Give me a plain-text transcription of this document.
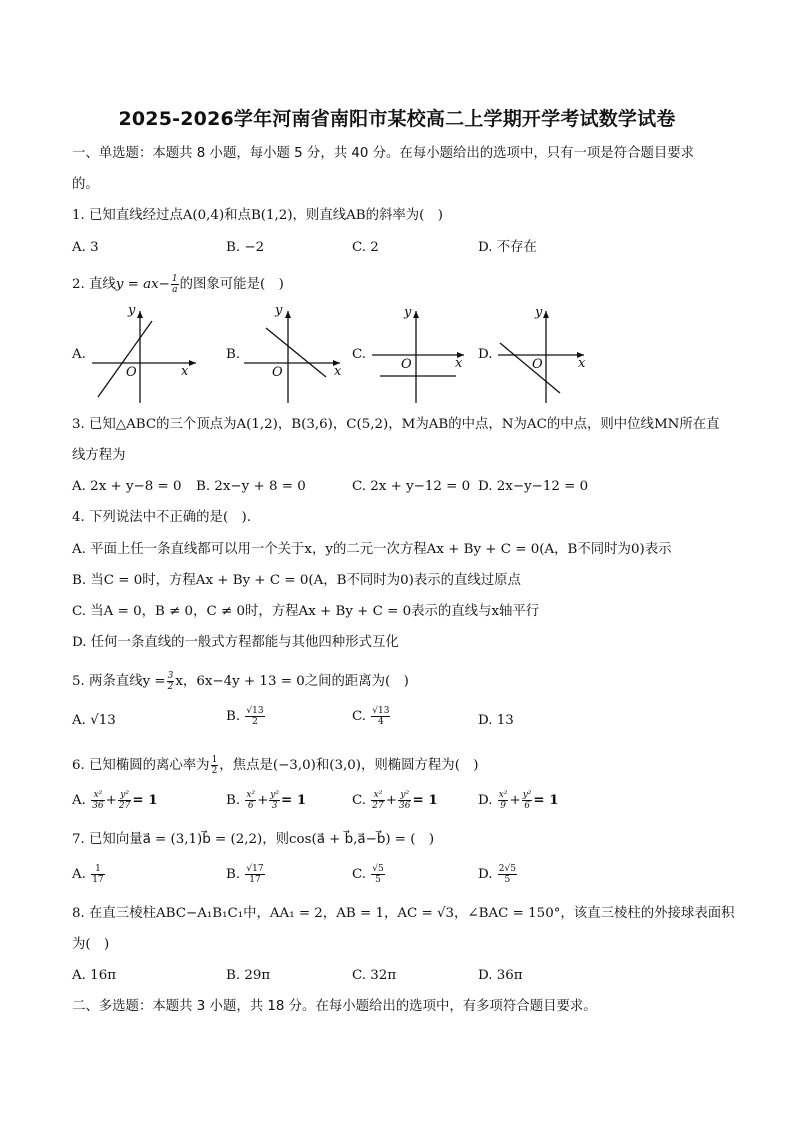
2025-2026学年河南省南阳市某校高二上学期开学考试数学试卷
一、单选题：本题共 8 小题，每小题 5 分，共 40 分。在每小题给出的选项中，只有一项是符合题目要求
的。
1. 已知直线经过点A(0,4)和点B(1,2)，则直线AB的斜率为(　)
A. 3	B. −2	C. 2	D. 不存在
2. 直线$y = ax- \frac{1}{a}$ 的图象可能是(　)
A.
y
x
O
B.
y
x
O
C.
y
x
O
D.
y
x
O
3. 已知△ABC的三个顶点为A(1,2)，B(3,6)，C(5,2)，M为AB的中点，N为AC的中点，则中位线MN所在直
线方程为
A. 2x + y−8 = 0 B. 2x−y + 8 = 0	C. 2x + y−12 = 0 D. 2x−y−12 = 0
4. 下列说法中不正确的是(　).
A. 平面上任一条直线都可以用一个关于x，y的二元一次方程Ax + By + C = 0(A，B不同时为0)表示
B. 当C = 0时，方程Ax + By + C = 0(A，B不同时为0)表示的直线过原点
C. 当A = 0，B ≠ 0，C ≠ 0时，方程Ax + By + C = 0表示的直线与x轴平行
D. 任何一条直线的一般式方程都能与其他四种形式互化
5. 两条直线$y = \frac{3}{2}$ x，6x−4y + 13 = 0之间的距离为(　)
A. √13	B. $\frac{√13}{2}$	C. $\frac{√13}{4}$	D. 13
6. 已知椭圆的离心率为 $\frac{1}{2}$ ，焦点是(−3,0)和(3,0)，则椭圆方程为(　)
A. $\frac{\text{x²}}{36} + \frac{\text{y²}}{27} = 1$	B. $\frac{\text{x²}}{6} + \frac{\text{y²}}{3} = 1$	C. $\frac{\text{x²}}{27} + \frac{\text{y²}}{36} = 1$	D. $\frac{\text{x²}}{9} + \frac{\text{y²}}{6} = 1$
7. 已知向量a⃗ = (3,1)b⃗ = (2,2)，则cos(a⃗ + b⃗,a⃗−b⃗) = (　)
A. $\frac{1}{17}$	B. $\frac{√17}{17}$	C. $\frac{√5}{5}$	D. $\frac{2√5}{5}$
8. 在直三棱柱ABC−A₁B₁C₁中，AA₁ = 2，AB = 1，AC = √3，∠BAC = 150°，该直三棱柱的外接球表面积
为(　)
A. 16π	B. 29π	C. 32π	D. 36π
二、多选题：本题共 3 小题，共 18 分。在每小题给出的选项中，有多项符合题目要求。
